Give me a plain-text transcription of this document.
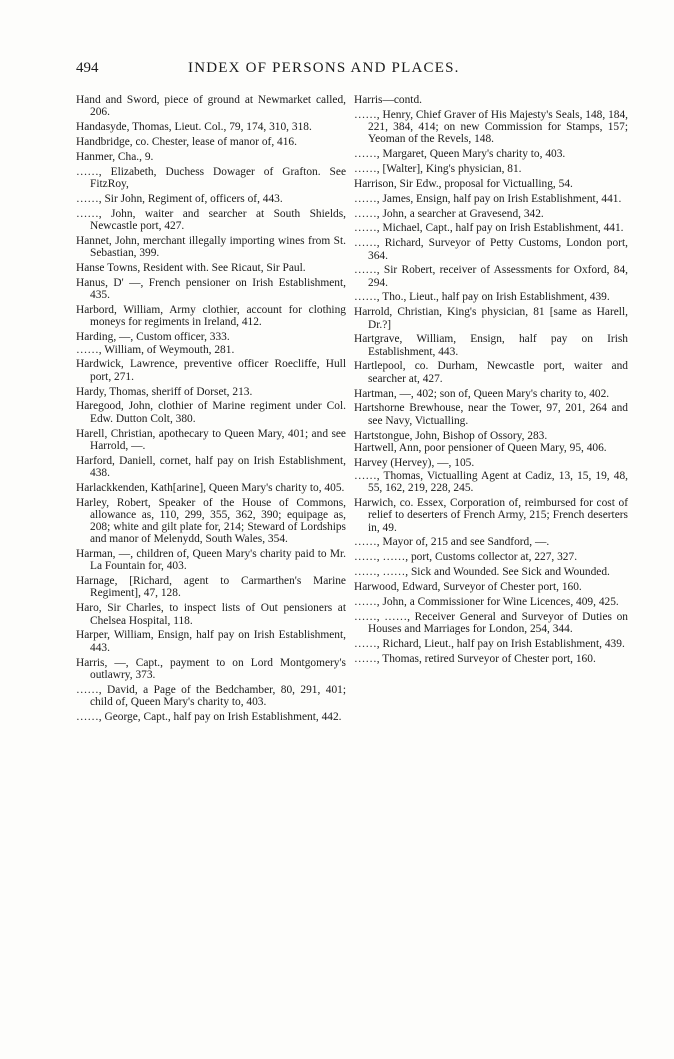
494	INDEX OF PERSONS AND PLACES.

Hand and Sword, piece of ground at Newmarket called, 206.

Handasyde, Thomas, Lieut. Col., 79, 174, 310, 318.

Handbridge, co. Chester, lease of manor of, 416.

Hanmer, Cha., 9.

……, Elizabeth, Duchess Dowager of Grafton. See FitzRoy,

……, Sir John, Regiment of, officers of, 443.

……, John, waiter and searcher at South Shields, Newcastle port, 427.

Hannet, John, merchant illegally importing wines from St. Sebastian, 399.

Hanse Towns, Resident with. See Ricaut, Sir Paul.

Hanus, D' —, French pensioner on Irish Establishment, 435.

Harbord, William, Army clothier, account for clothing moneys for regiments in Ireland, 412.

Harding, —, Custom officer, 333.

……, William, of Weymouth, 281.

Hardwick, Lawrence, preventive officer Roecliffe, Hull port, 271.

Hardy, Thomas, sheriff of Dorset, 213.

Haregood, John, clothier of Marine regiment under Col. Edw. Dutton Colt, 380.

Harell, Christian, apothecary to Queen Mary, 401; and see Harrold, —.

Harford, Daniell, cornet, half pay on Irish Establishment, 438.

Harlackkenden, Kath[arine], Queen Mary's charity to, 405.

Harley, Robert, Speaker of the House of Commons, allowance as, 110, 299, 355, 362, 390; equipage as, 208; white and gilt plate for, 214; Steward of Lordships and manor of Melenydd, South Wales, 354.

Harman, —, children of, Queen Mary's charity paid to Mr. La Fountain for, 403.

Harnage, [Richard, agent to Carmarthen's Marine Regiment], 47, 128.

Haro, Sir Charles, to inspect lists of Out pensioners at Chelsea Hospital, 118.

Harper, William, Ensign, half pay on Irish Establishment, 443.

Harris, —, Capt., payment to on Lord Montgomery's outlawry, 373.

……, David, a Page of the Bedchamber, 80, 291, 401; child of, Queen Mary's charity to, 403.

……, George, Capt., half pay on Irish Establishment, 442.

Harris—contd.

……, Henry, Chief Graver of His Majesty's Seals, 148, 184, 221, 384, 414; on new Commission for Stamps, 157; Yeoman of the Revels, 148.

……, Margaret, Queen Mary's charity to, 403.

……, [Walter], King's physician, 81.

Harrison, Sir Edw., proposal for Victualling, 54.

……, James, Ensign, half pay on Irish Establishment, 441.

……, John, a searcher at Gravesend, 342.

……, Michael, Capt., half pay on Irish Establishment, 441.

……, Richard, Surveyor of Petty Customs, London port, 364.

……, Sir Robert, receiver of Assessments for Oxford, 84, 294.

……, Tho., Lieut., half pay on Irish Establishment, 439.

Harrold, Christian, King's physician, 81 [same as Harell, Dr.?]

Hartgrave, William, Ensign, half pay on Irish Establishment, 443.

Hartlepool, co. Durham, Newcastle port, waiter and searcher at, 427.

Hartman, —, 402; son of, Queen Mary's charity to, 402.

Hartshorne Brewhouse, near the Tower, 97, 201, 264 and see Navy, Victualling.

Hartstongue, John, Bishop of Ossory, 283.

Hartwell, Ann, poor pensioner of Queen Mary, 95, 406.

Harvey (Hervey), —, 105.

……, Thomas, Victualling Agent at Cadiz, 13, 15, 19, 48, 55, 162, 219, 228, 245.

Harwich, co. Essex, Corporation of, reimbursed for cost of relief to deserters of French Army, 215; French deserters in, 49.

……, Mayor of, 215 and see Sandford, —.

……, ……, port, Customs collector at, 227, 327.

……, ……, Sick and Wounded. See Sick and Wounded.

Harwood, Edward, Surveyor of Chester port, 160.

……, John, a Commissioner for Wine Licences, 409, 425.

……, ……, Receiver General and Surveyor of Duties on Houses and Marriages for London, 254, 344.

……, Richard, Lieut., half pay on Irish Establishment, 439.

……, Thomas, retired Surveyor of Chester port, 160.
